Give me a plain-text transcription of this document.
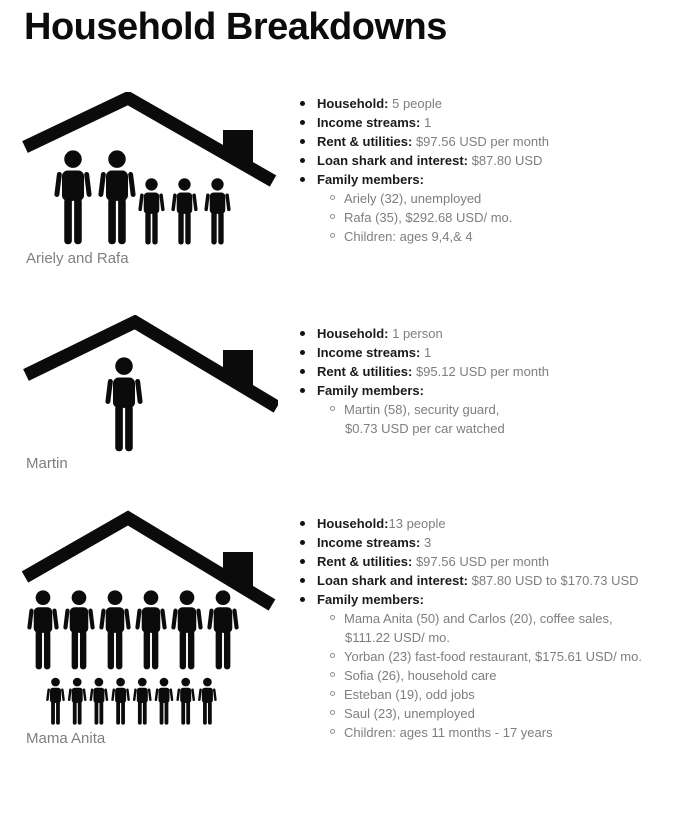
Household Breakdowns
Ariely and Rafa
Household: 5 people
Income streams: 1
Rent & utilities: $97.56 USD per month
Loan shark and interest: $87.80 USD
Family members:
Ariely (32), unemployed
Rafa (35), $292.68 USD/ mo.
Children: ages 9,4,& 4
Martin
Household: 1 person
Income streams: 1
Rent & utilities: $95.12 USD per month
Family members:
Martin (58), security guard,
$0.73 USD per car watched
Mama Anita
Household:13 people
Income streams: 3
Rent & utilities: $97.56 USD per month
Loan shark and interest: $87.80 USD to $170.73 USD
Family members:
Mama Anita (50) and Carlos (20), coffee sales,
$111.22 USD/ mo.
Yorban (23) fast-food restaurant, $175.61 USD/ mo.
Sofia (26), household care
Esteban (19), odd jobs
Saul (23), unemployed
Children: ages 11 months - 17 years
